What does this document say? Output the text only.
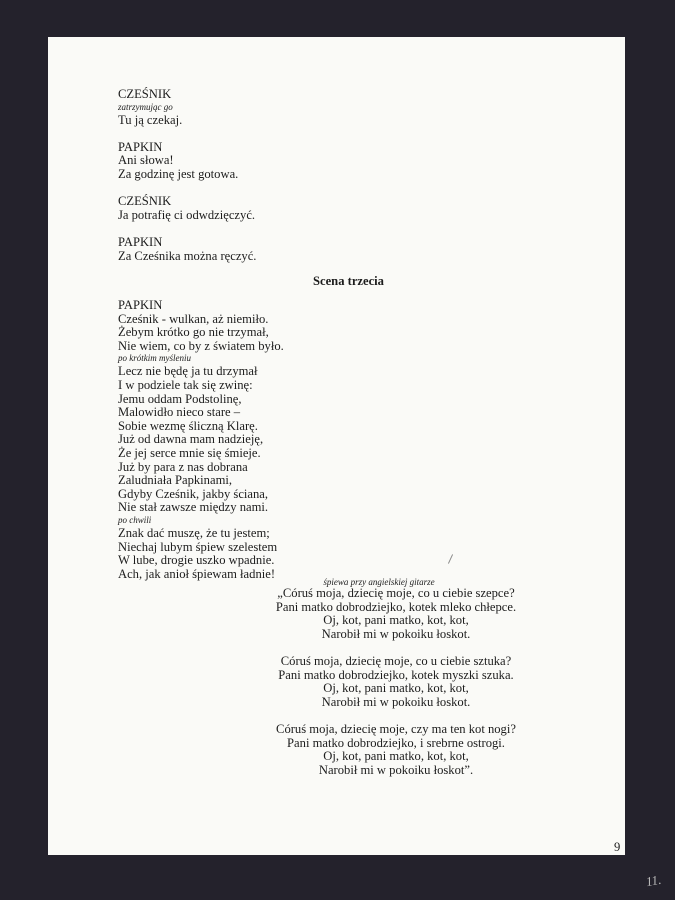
CZEŚNIK
zatrzymując go
Tu ją czekaj.
PAPKIN
Ani słowa!
Za godzinę jest gotowa.
CZEŚNIK
Ja potrafię ci odwdzięczyć.
PAPKIN
Za Cześnika można ręczyć.
Scena trzecia
PAPKIN
Cześnik - wulkan, aż niemiło.
Żebym krótko go nie trzymał,
Nie wiem, co by z światem było.
po krótkim myśleniu
Lecz nie będę ja tu drzymał
I w podziele tak się zwinę:
Jemu oddam Podstolinę,
Malowidło nieco stare –
Sobie wezmę śliczną Klarę.
Już od dawna mam nadzieję,
Że jej serce mnie się śmieje.
Już by para z nas dobrana
Zaludniała Papkinami,
Gdyby Cześnik, jakby ściana,
Nie stał zawsze między nami.
po chwili
Znak dać muszę, że tu jestem;
Niechaj lubym śpiew szelestem
W lube, drogie uszko wpadnie.
Ach, jak anioł śpiewam ładnie!
śpiewa przy angielskiej gitarze
„Córuś moja, dziecię moje, co u ciebie szepce?
Pani matko dobrodziejko, kotek mleko chłepce.
Oj, kot, pani matko, kot, kot,
Narobił mi w pokoiku łoskot.
Córuś moja, dziecię moje, co u ciebie sztuka?
Pani matko dobrodziejko, kotek myszki szuka.
Oj, kot, pani matko, kot, kot,
Narobił mi w pokoiku łoskot.
Córuś moja, dziecię moje, czy ma ten kot nogi?
Pani matko dobrodziejko, i srebrne ostrogi.
Oj, kot, pani matko, kot, kot,
Narobił mi w pokoiku łoskot”.
9
11.
